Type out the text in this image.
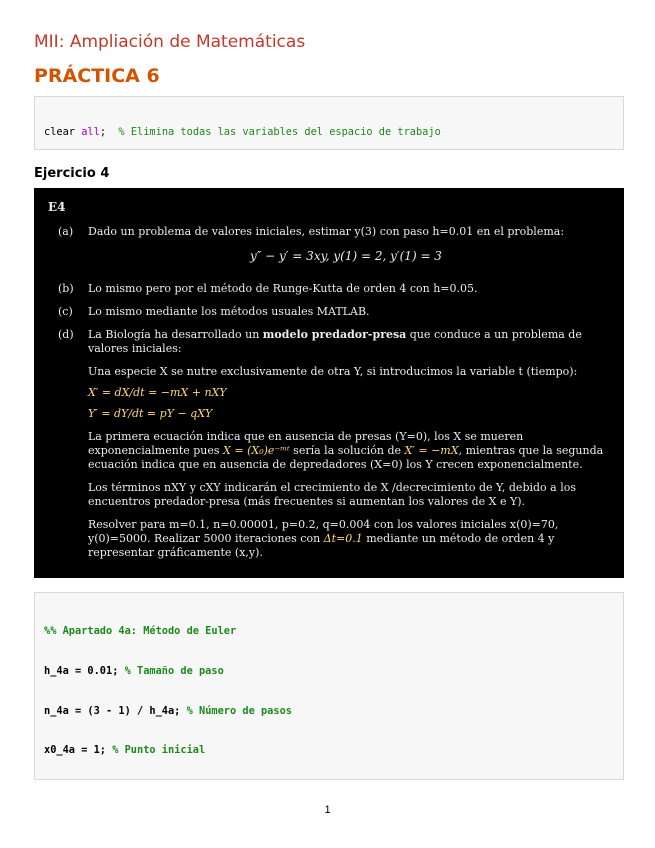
MII: Ampliación de Matemáticas
PRÁCTICA 6

clear all;  % Elimina todas las variables del espacio de trabajo

Ejercicio 4
E4
(a)	Dado un problema de valores iniciales, estimar y(3) con paso h=0.01 en el problema:
y″ − y′ = 3xy, y(1) = 2, y′(1) = 3
(b)	Lo mismo pero por el método de Runge-Kutta de orden 4 con h=0.05.
(c)	Lo mismo mediante los métodos usuales MATLAB.
(d)	La Biología ha desarrollado un modelo predador-presa que conduce a un problema de valores iniciales:
Una especie X se nutre exclusivamente de otra Y, si introducimos la variable t (tiempo):
X′ = dX/dt = −mX + nXY
Y′ = dY/dt = pY − qXY
La primera ecuación indica que en ausencia de presas (Y=0), los X se mueren exponencialmente pues X = (X₀)e⁻ᵐᵗ sería la solución de X′ = −mX, mientras que la segunda ecuación indica que en ausencia de depredadores (X=0) los Y crecen exponencialmente.
Los términos nXY y cXY indicarán el crecimiento de X /decrecimiento de Y, debido a los encuentros predador-presa (más frecuentes si aumentan los valores de X e Y).
Resolver para m=0.1, n=0.00001, p=0.2, q=0.004 con los valores iniciales x(0)=70, y(0)=5000. Realizar 5000 iteraciones con Δt=0.1 mediante un método de orden 4 y representar gráficamente (x,y).

%% Apartado 4a: Método de Euler

h_4a = 0.01; % Tamaño de paso

n_4a = (3 - 1) / h_4a; % Número de pasos

x0_4a = 1; % Punto inicial

1
